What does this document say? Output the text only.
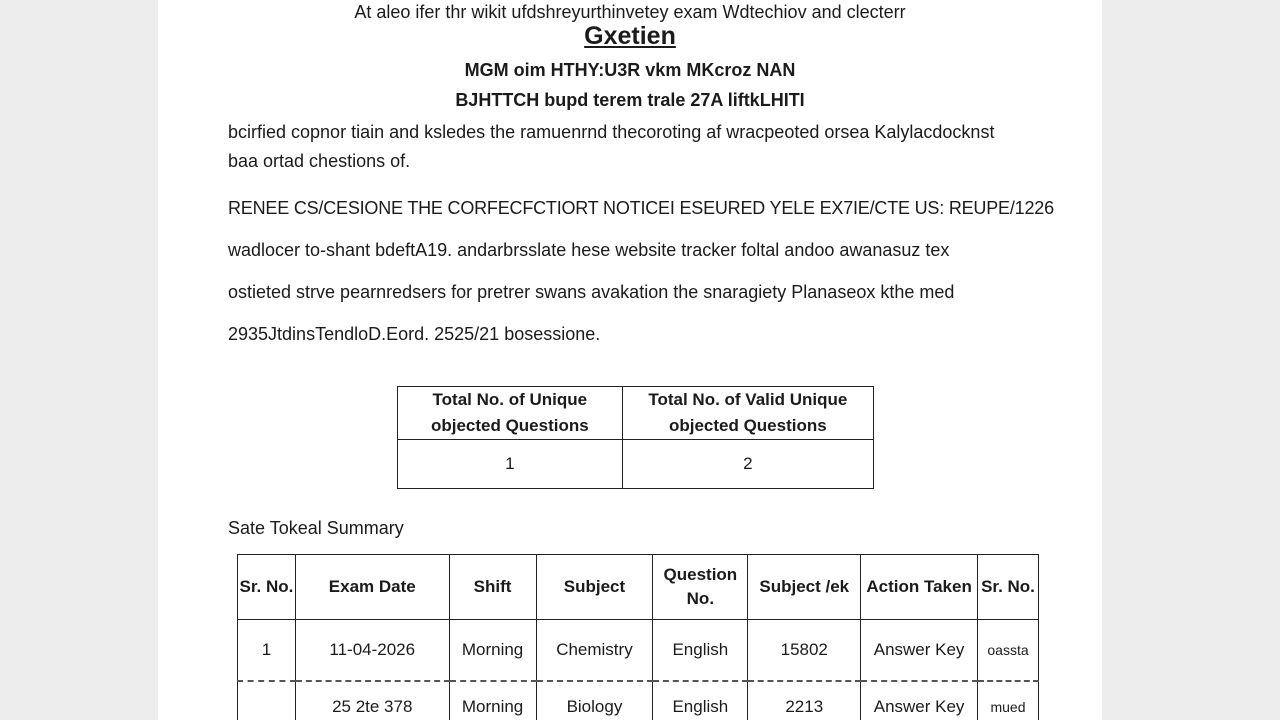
At aleo ifer thr wikit ufdshreyurthinvetey exam Wdtechiov and clecterr
Gxetien
MGM oim HTHY:U3R vkm MKcroz NAN
BJHTTCH bupd terem trale 27A liftkLHITI
bcirfied copnor tiain and ksledes the ramuenrnd thecoroting af wracpeoted orsea Kalylacdocknst
baa ortad chestions of.
RENEE CS/CESIONE THE CORFECFCTIORT NOTICEI ESEURED YELE EX7IE/CTE US: REUPE/1226
wadlocer to-shant bdeftA19. andarbrsslate hese website tracker foltal andoo awanasuz tex
ostieted strve pearnredsers for pretrer swans avakation the snaragiety Planaseox kthe med
2935JtdinsTendloD.Eord. 2525/21 bosessione.
Total No. of Unique objected Questions	Total No. of Valid Unique objected Questions
1	2
Sate Tokeal Summary
Sr. No.	Exam Date	Shift	Subject	Question No.	Subject /ek	Action Taken	Sr. No.
1	11-04-2026	Morning	Chemistry	English	15802	Answer Key	oassta
	25 2te 378	Morning	Biology	English	2213	Answer Key	mued
